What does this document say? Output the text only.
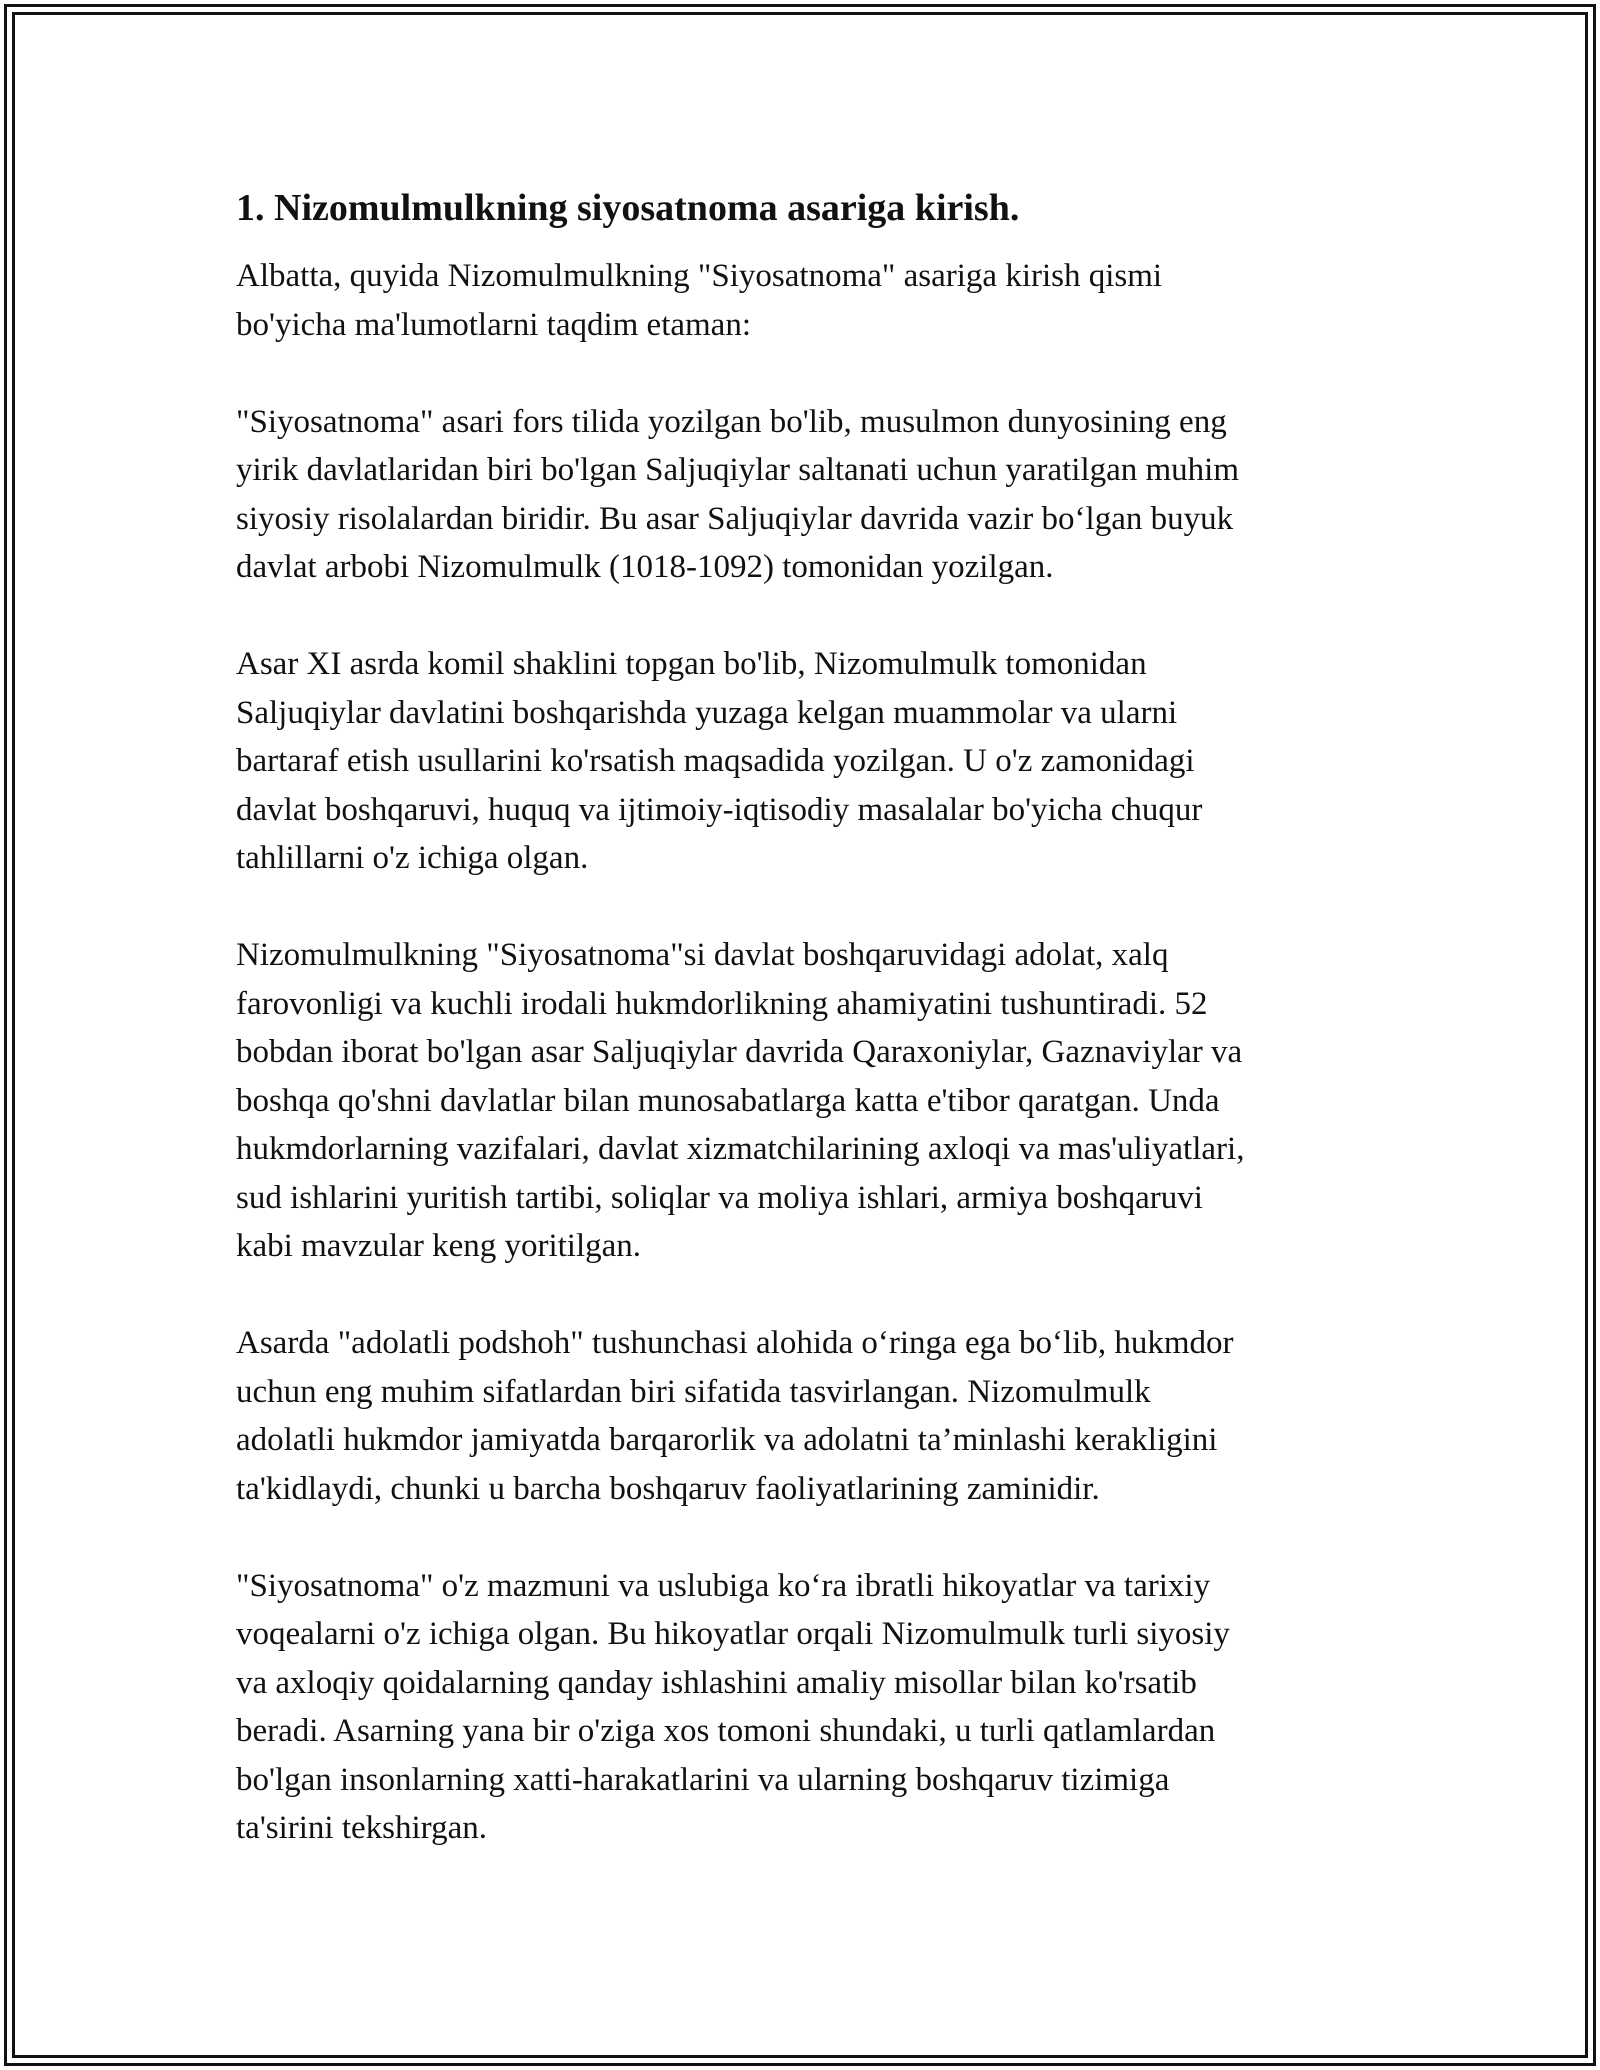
1. Nizomulmulkning siyosatnoma asariga kirish.
Albatta, quyida Nizomulmulkning "Siyosatnoma" asariga kirish qismi
bo'yicha ma'lumotlarni taqdim etaman:
"Siyosatnoma" asari fors tilida yozilgan bo'lib, musulmon dunyosining eng
yirik davlatlaridan biri bo'lgan Saljuqiylar saltanati uchun yaratilgan muhim
siyosiy risolalardan biridir. Bu asar Saljuqiylar davrida vazir bo‘lgan buyuk
davlat arbobi Nizomulmulk (1018-1092) tomonidan yozilgan.
Asar XI asrda komil shaklini topgan bo'lib, Nizomulmulk tomonidan
Saljuqiylar davlatini boshqarishda yuzaga kelgan muammolar va ularni
bartaraf etish usullarini ko'rsatish maqsadida yozilgan. U o'z zamonidagi
davlat boshqaruvi, huquq va ijtimoiy-iqtisodiy masalalar bo'yicha chuqur
tahlillarni o'z ichiga olgan.
Nizomulmulkning "Siyosatnoma"si davlat boshqaruvidagi adolat, xalq
farovonligi va kuchli irodali hukmdorlikning ahamiyatini tushuntiradi. 52
bobdan iborat bo'lgan asar Saljuqiylar davrida Qaraxoniylar, Gaznaviylar va
boshqa qo'shni davlatlar bilan munosabatlarga katta e'tibor qaratgan. Unda
hukmdorlarning vazifalari, davlat xizmatchilarining axloqi va mas'uliyatlari,
sud ishlarini yuritish tartibi, soliqlar va moliya ishlari, armiya boshqaruvi
kabi mavzular keng yoritilgan.
Asarda "adolatli podshoh" tushunchasi alohida o‘ringa ega bo‘lib, hukmdor
uchun eng muhim sifatlardan biri sifatida tasvirlangan. Nizomulmulk
adolatli hukmdor jamiyatda barqarorlik va adolatni ta’minlashi kerakligini
ta'kidlaydi, chunki u barcha boshqaruv faoliyatlarining zaminidir.
"Siyosatnoma" o'z mazmuni va uslubiga ko‘ra ibratli hikoyatlar va tarixiy
voqealarni o'z ichiga olgan. Bu hikoyatlar orqali Nizomulmulk turli siyosiy
va axloqiy qoidalarning qanday ishlashini amaliy misollar bilan ko'rsatib
beradi. Asarning yana bir o'ziga xos tomoni shundaki, u turli qatlamlardan
bo'lgan insonlarning xatti-harakatlarini va ularning boshqaruv tizimiga
ta'sirini tekshirgan.
